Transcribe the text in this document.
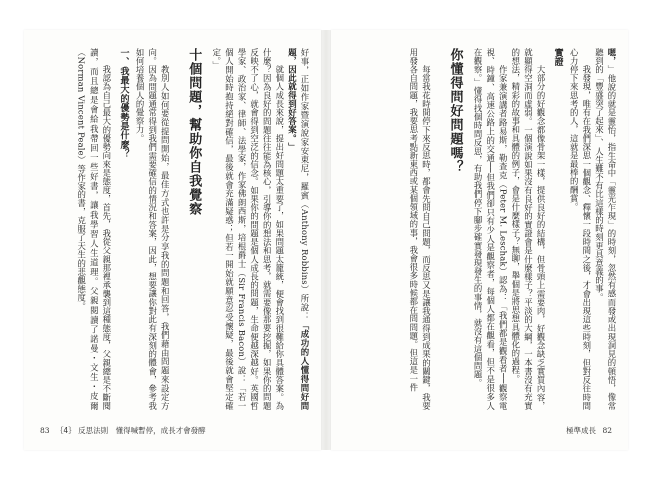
好事，正如作家暨演說家安東尼，羅賓（Anthony Robbins）所說：「成功的人懂得問好問題，因此就得到好答案。」

就個人成長來說，提出好問題太重要了，如果問題太籠統，便會找到很難給你具體答案。為什麼？因為良好的問題往往能為核心，引導你的想法和思考，就需要像那要挖掘，如果你的問題反映不了心，就會得到空泛的信念。如果你的問題是個人成長的問題，生命便越深越好。英國哲學家、政治家、律師、法學家，作家佛朗西斯，培根爵士（Sir Francis Bacon）說：「若一個人開始時抱持絕對確信，最後就會充滿疑惑；但若一開始就願意忍受懷疑，最後就會堅定確定。」

十個問題，幫助你自我覺察

教別人如何要從提問開始，最佳方式也許是分享我的問題和回答，我們藉由問題來設定方向。因為問題通常得到我們需要確信的情況和答案，因此，想要讓你對此有深刻的體會，參考我如何培養個人的覺察力。

一、我最大的優勢是什麼？

我認為自己最大的優勢向來是態度，首先，我從父親那裡承襲到這種態度，父親總是不斷閱讀，而且總是會給我帶回一些好書，讓我學習人生道理。父親閱讀了諾曼・文生・皮爾（Norman Vincent Peale）等作家的書，克服了天生的悲觀態度。

83 ｛4｝ 反思法則　懂得喊暫停，成長才會發酵

嗯，」他說的就是靈怡，指生命中「靈光乍現」的時刻，忽然有感而發或出現洞見的頓悟，像常聽到的「豐盛突了起來」、人生難不有比這樣的時刻更具意義的事。

我發現，唯有在我們深思一個觀念、釋懷一段時間之後，才會出現這些時刻，但對反往時間心力停下來思考的人，這就是最棒的酬賞。

實證

大部分的好觀念都像骨架一樣，提供良好的結構，但骨頭上需要肉，好觀念缺乏實質內容，就顯得空洞而虛弱。一個演說如果沒有良好的實證會是什麼樣子？平淡的大綱，一本書沒有充實的想法，精彩的故事和具體的例子，會是什麼樣子？無聊，舉個是將思想具體化的過程。

作家兼演講者路易斯，勒查克（Peter M. Leschak）認為：「我們都是觀看者──觀察電視、時鐘、高速公路上的交通──但我們卻只有少人是觀察者，每個人都在觀看，但不是很多人在觀察。」懂得找個時間反思，有助我們停下腳步確實發現發生的事情，就沒有這個問題。

你懂得問好問題嗎？

每當我花時間停下來反思時，都會先問自己問題，而反思又是讓我通得到成果的關鍵，我要用發各自問題，我要思考點新東西或某個領域的事，我會很多時候都在問問題。但這是一件

極準成長 82
